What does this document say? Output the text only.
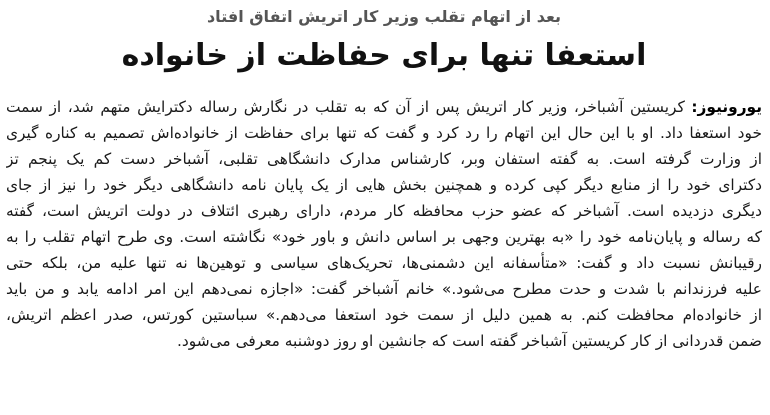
بعد از اتهام تقلب وزیر کار اتریش اتفاق افتاد
استعفا تنها برای حفاظت از خانواده
یورونیوز: کریستین آشباخر، وزیر کار اتریش پس از آن که به تقلب در نگارش رساله دکترایش متهم شد، از سمت
خود استعفا داد. او با این حال این اتهام را رد کرد و گفت که تنها برای حفاظت از خانواده‌اش تصمیم به کناره گیری
از وزارت گرفته است. به گفته استفان وبر، کارشناس مدارک دانشگاهی تقلبی، آشباخر دست کم یک پنجم تز
دکترای خود را از منابع دیگر کپی کرده و همچنین بخش هایی از یک پایان نامه دانشگاهی دیگر خود را نیز از جای
دیگری دزدیده است. آشباخر که عضو حزب محافظه کار مردم، دارای رهبری ائتلاف در دولت اتریش است، گفته
که رساله و پایان‌نامه خود را «به بهترین وجهی بر اساس دانش و باور خود» نگاشته است. وی طرح اتهام تقلب را به
رقیبانش نسبت داد و گفت: «متأسفانه این دشمنی‌ها، تحریک‌های سیاسی و توهین‌ها نه تنها علیه من، بلکه حتی
علیه فرزندانم با شدت و حدت مطرح می‌شود.» خانم آشباخر گفت: «اجازه نمی‌دهم این امر ادامه یابد و من باید
از خانواده‌ام محافظت کنم. به همین دلیل از سمت خود استعفا می‌دهم.» سباستین کورتس، صدر اعظم اتریش،
ضمن قدردانی از کار کریستین آشباخر گفته است که جانشین او روز دوشنبه معرفی می‌شود.
